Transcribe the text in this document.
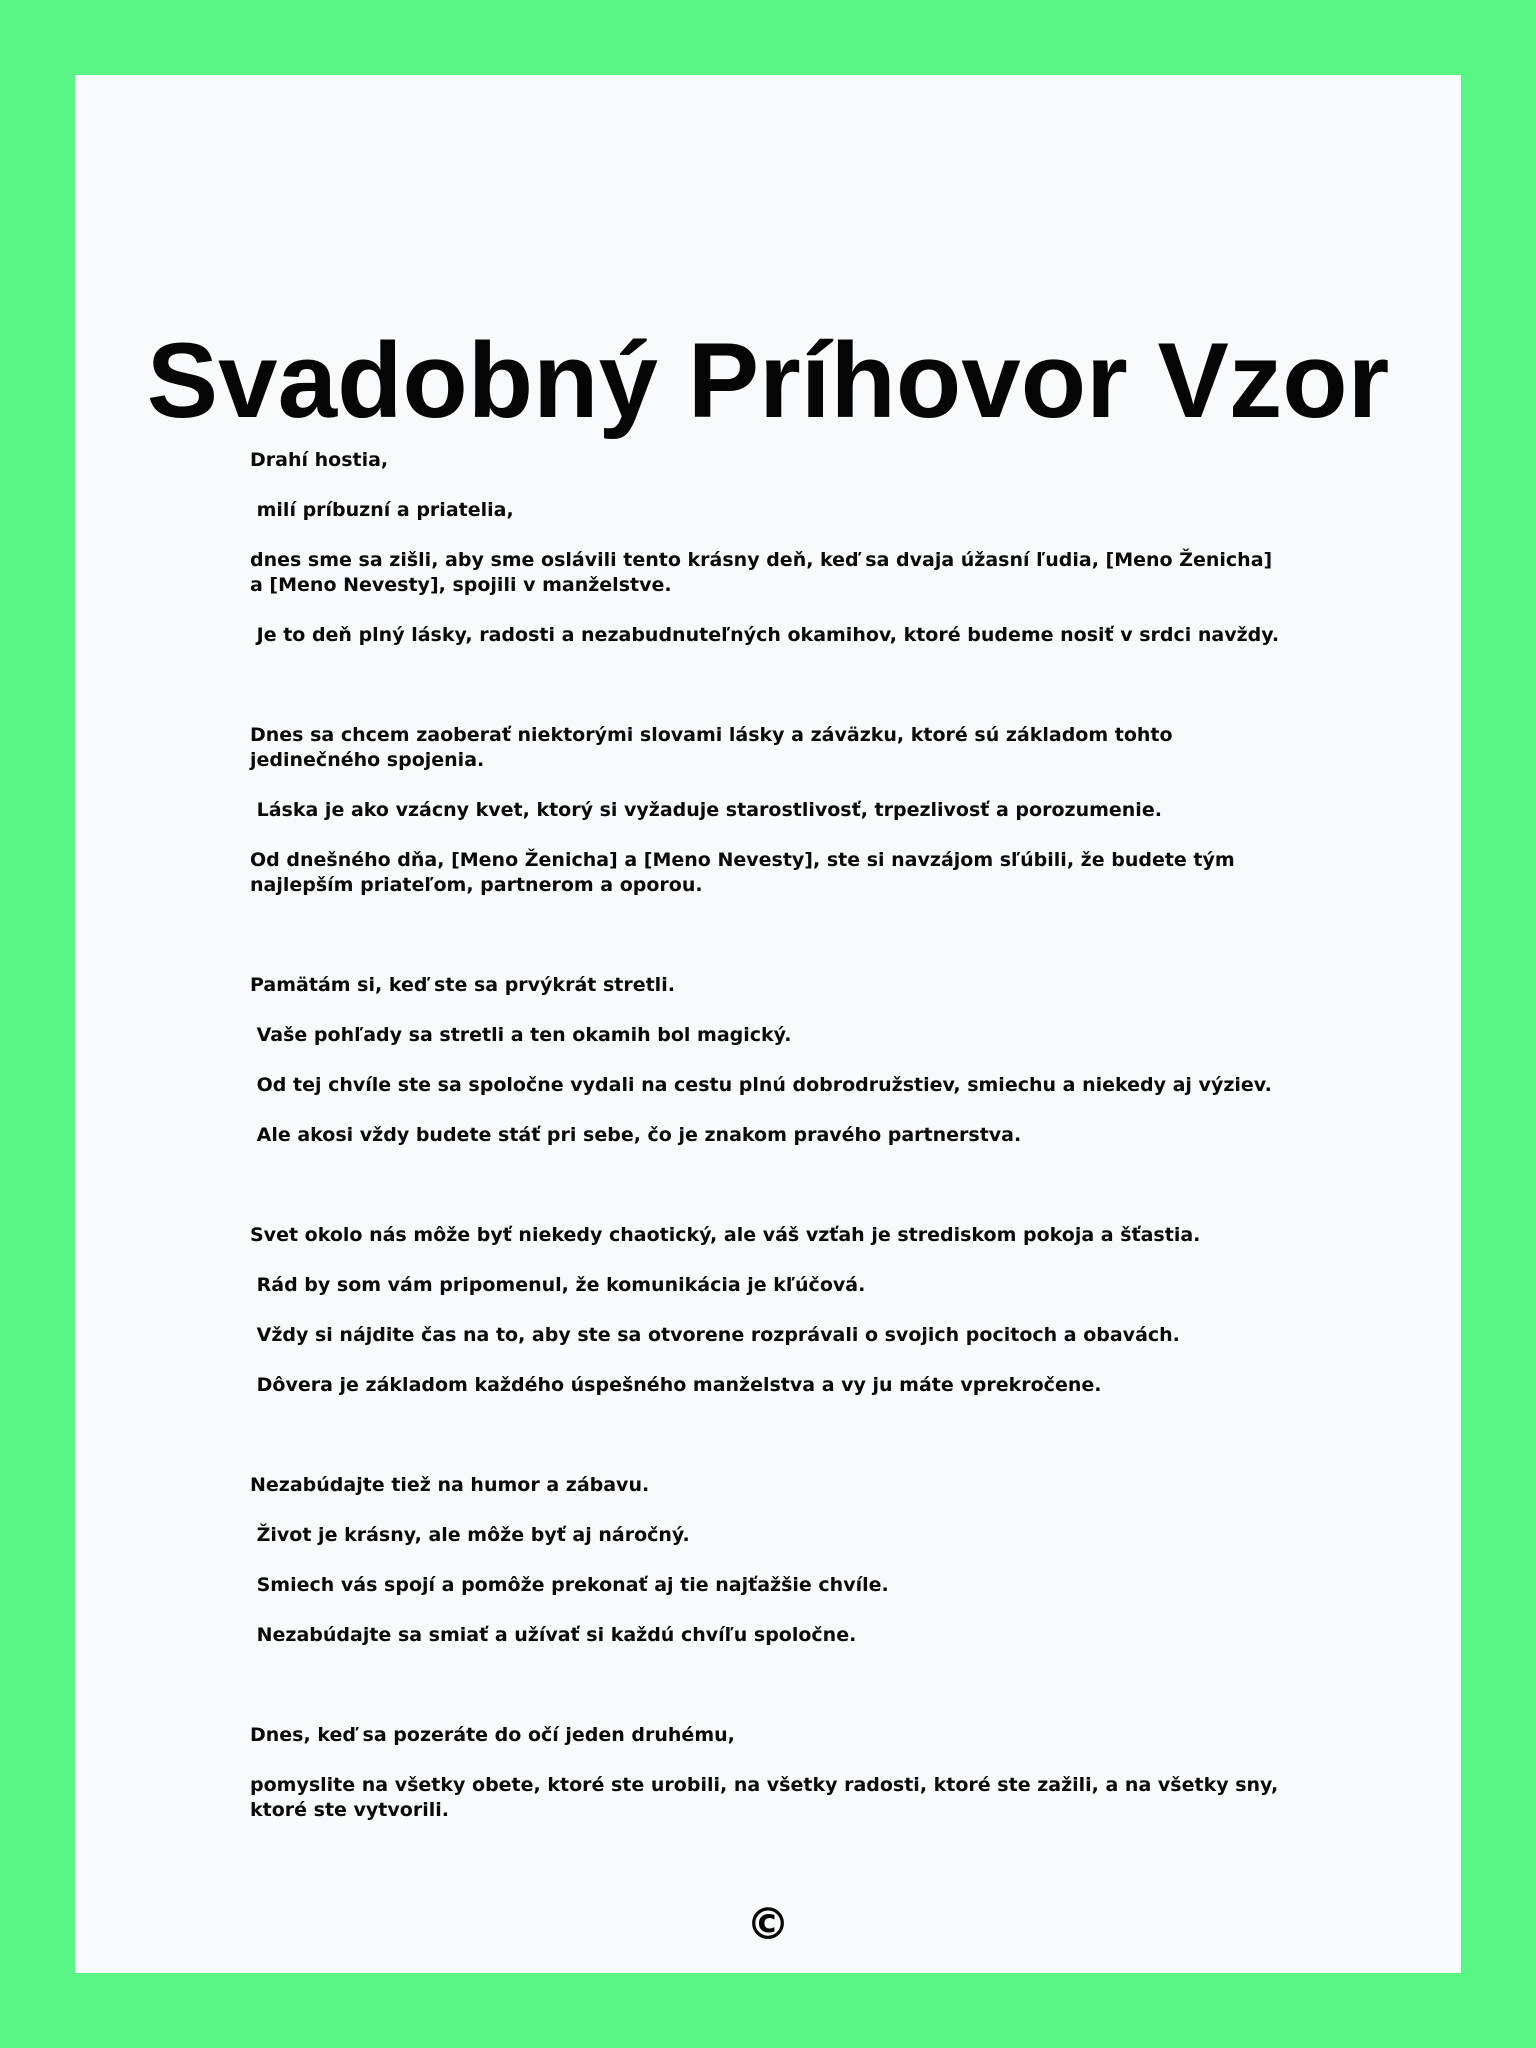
Svadobný Príhovor Vzor

Drahí hostia,

milí príbuzní a priatelia,

dnes sme sa zišli, aby sme oslávili tento krásny deň, keď sa dvaja úžasní ľudia, [Meno Ženicha] a [Meno Nevesty], spojili v manželstve.

Je to deň plný lásky, radosti a nezabudnuteľných okamihov, ktoré budeme nosiť v srdci navždy.

Dnes sa chcem zaoberať niektorými slovami lásky a záväzku, ktoré sú základom tohto jedinečného spojenia.

Láska je ako vzácny kvet, ktorý si vyžaduje starostlivosť, trpezlivosť a porozumenie.

Od dnešného dňa, [Meno Ženicha] a [Meno Nevesty], ste si navzájom sľúbili, že budete tým najlepším priateľom, partnerom a oporou.

Pamätám si, keď ste sa prvýkrát stretli.

Vaše pohľady sa stretli a ten okamih bol magický.

Od tej chvíle ste sa spoločne vydali na cestu plnú dobrodružstiev, smiechu a niekedy aj výziev.

Ale akosi vždy budete stáť pri sebe, čo je znakom pravého partnerstva.

Svet okolo nás môže byť niekedy chaotický, ale váš vzťah je strediskom pokoja a šťastia.

Rád by som vám pripomenul, že komunikácia je kľúčová.

Vždy si nájdite čas na to, aby ste sa otvorene rozprávali o svojich pocitoch a obavách.

Dôvera je základom každého úspešného manželstva a vy ju máte vprekročene.

Nezabúdajte tiež na humor a zábavu.

Život je krásny, ale môže byť aj náročný.

Smiech vás spojí a pomôže prekonať aj tie najťažšie chvíle.

Nezabúdajte sa smiať a užívať si každú chvíľu spoločne.

Dnes, keď sa pozeráte do očí jeden druhému,

pomyslite na všetky obete, ktoré ste urobili, na všetky radosti, ktoré ste zažili, a na všetky sny, ktoré ste vytvorili.

©
